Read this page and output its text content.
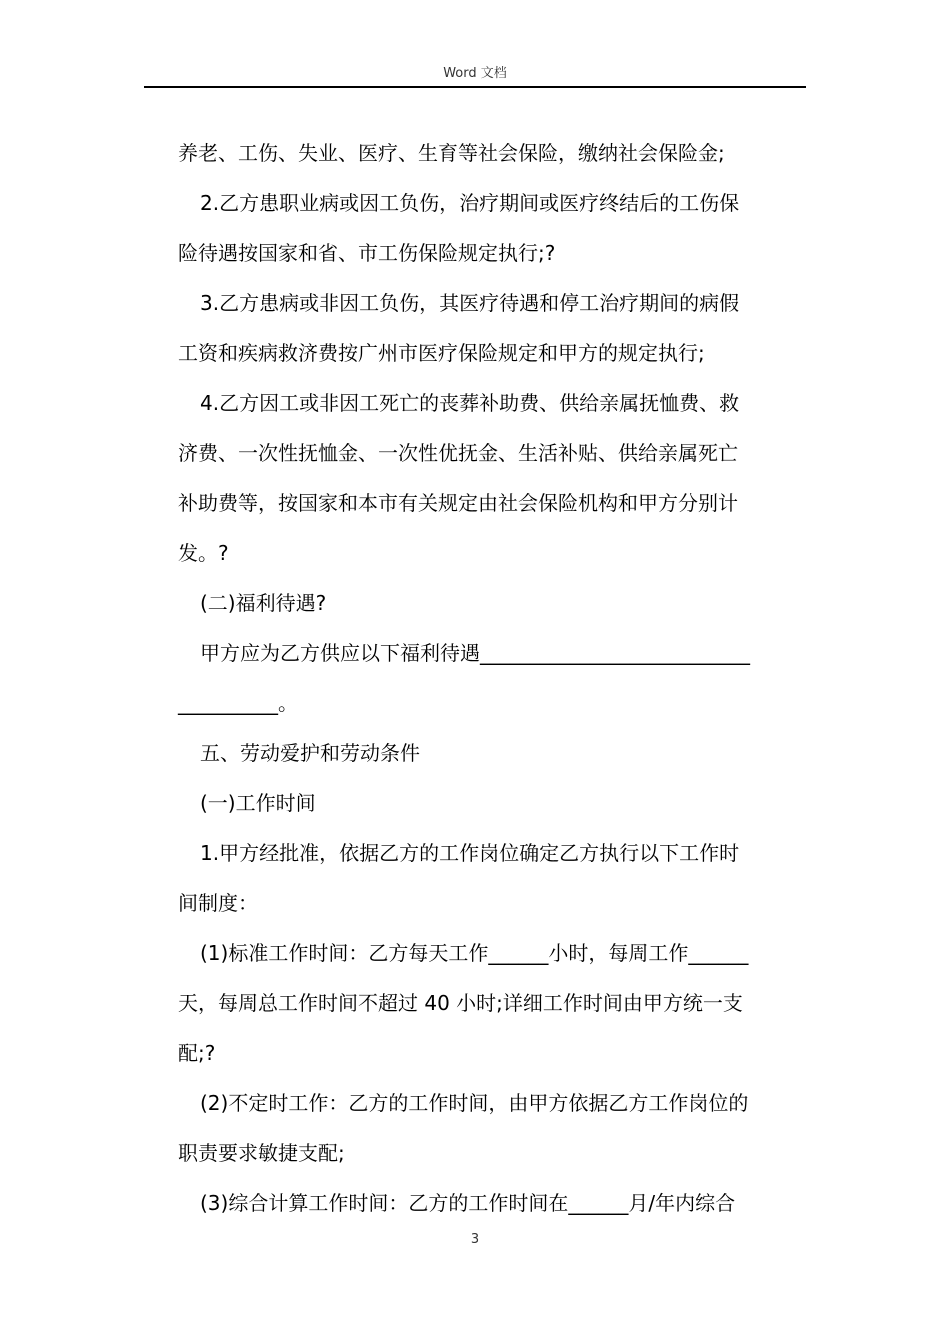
Word 文档

养老、工伤、失业、医疗、生育等社会保险，缴纳社会保险金;

2.乙方患职业病或因工负伤，治疗期间或医疗终结后的工伤保

险待遇按国家和省、市工伤保险规定执行;?

3.乙方患病或非因工负伤，其医疗待遇和停工治疗期间的病假

工资和疾病救济费按广州市医疗保险规定和甲方的规定执行;

4.乙方因工或非因工死亡的丧葬补助费、供给亲属抚恤费、救

济费、一次性抚恤金、一次性优抚金、生活补贴、供给亲属死亡

补助费等，按国家和本市有关规定由社会保险机构和甲方分别计

发。?

(二)福利待遇?

甲方应为乙方供应以下福利待遇___________________________

__________。

五、劳动爱护和劳动条件

(一)工作时间

1.甲方经批准，依据乙方的工作岗位确定乙方执行以下工作时

间制度：

(1)标准工作时间：乙方每天工作______小时，每周工作______

天，每周总工作时间不超过 40 小时;详细工作时间由甲方统一支

配;?

(2)不定时工作：乙方的工作时间，由甲方依据乙方工作岗位的

职责要求敏捷支配;

(3)综合计算工作时间：乙方的工作时间在______月/年内综合

3
